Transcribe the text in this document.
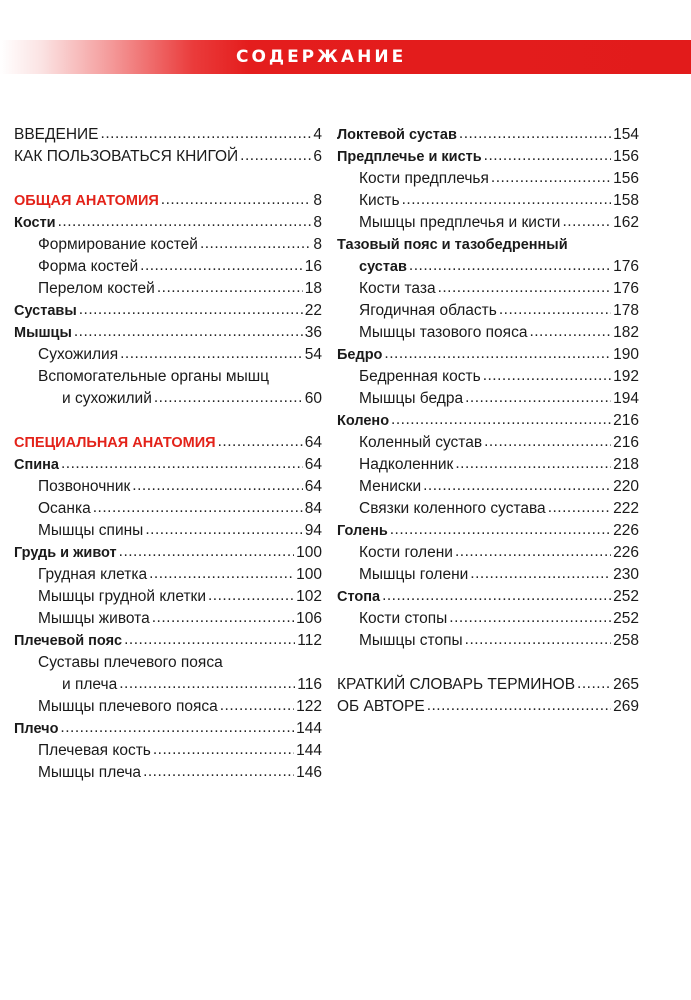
СОДЕРЖАНИЕ
ВВЕДЕНИЕ .....	4
КАК ПОЛЬЗОВАТЬСЯ КНИГОЙ .....	6
ОБЩАЯ АНАТОМИЯ .....	8
Кости .....	8
Формирование костей .....	8
Форма костей .....	16
Перелом костей .....	18
Суставы .....	22
Мышцы .....	36
Сухожилия .....	54
Вспомогательные органы мышц
и сухожилий .....	60
СПЕЦИАЛЬНАЯ АНАТОМИЯ .....	64
Спина .....	64
Позвоночник .....	64
Осанка .....	84
Мышцы спины .....	94
Грудь и живот .....	100
Грудная клетка .....	100
Мышцы грудной клетки .....	102
Мышцы живота .....	106
Плечевой пояс .....	112
Суставы плечевого пояса
и плеча .....	116
Мышцы плечевого пояса .....	122
Плечо .....	144
Плечевая кость .....	144
Мышцы плеча .....	146
Локтевой сустав .....	154
Предплечье и кисть .....	156
Кости предплечья .....	156
Кисть .....	158
Мышцы предплечья и кисти .....	162
Тазовый пояс и тазобедренный
сустав .....	176
Кости таза .....	176
Ягодичная область .....	178
Мышцы тазового пояса .....	182
Бедро .....	190
Бедренная кость .....	192
Мышцы бедра .....	194
Колено .....	216
Коленный сустав .....	216
Надколенник .....	218
Мениски .....	220
Связки коленного сустава .....	222
Голень .....	226
Кости голени .....	226
Мышцы голени .....	230
Стопа .....	252
Кости стопы .....	252
Мышцы стопы .....	258
КРАТКИЙ СЛОВАРЬ ТЕРМИНОВ ..... 265
ОБ АВТОРЕ .....	269
